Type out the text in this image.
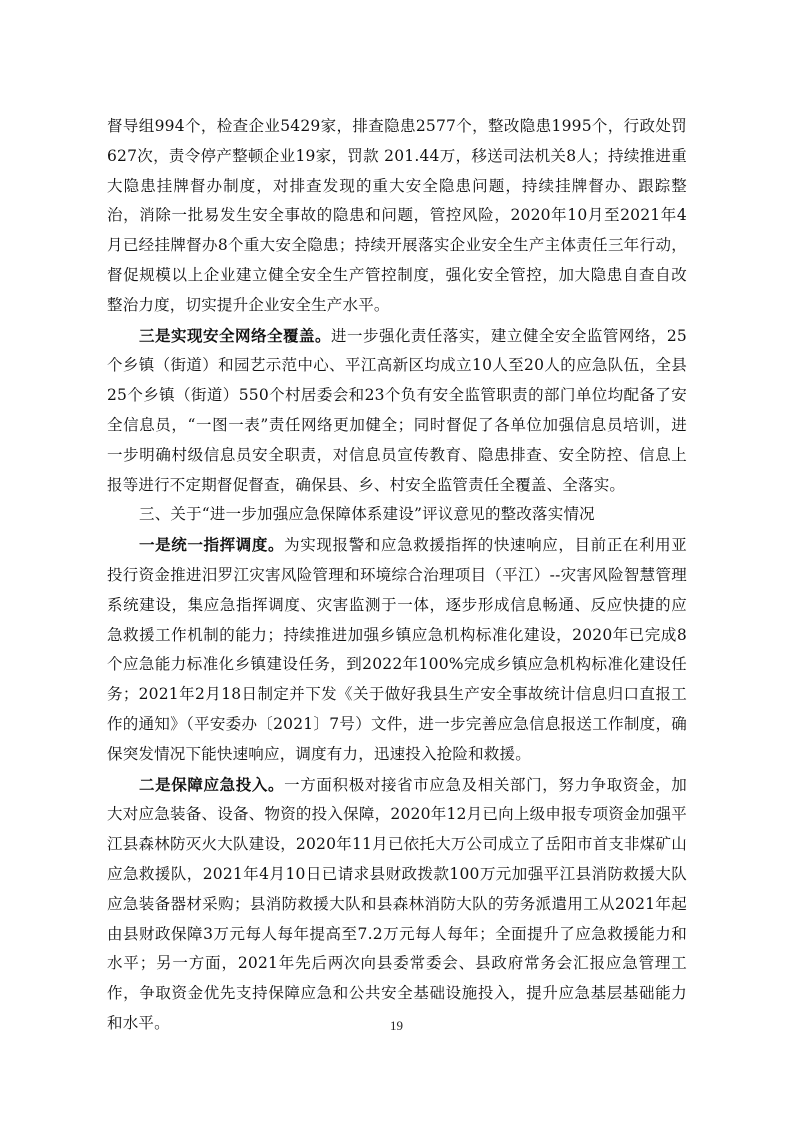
督导组994个，检查企业5429家，排查隐患2577个，整改隐患1995个，行政处罚627次，责令停产整顿企业19家，罚款 201.44万，移送司法机关8人；持续推进重大隐患挂牌督办制度，对排查发现的重大安全隐患问题，持续挂牌督办、跟踪整治，消除一批易发生安全事故的隐患和问题，管控风险，2020年10月至2021年4月已经挂牌督办8个重大安全隐患；持续开展落实企业安全生产主体责任三年行动，督促规模以上企业建立健全安全生产管控制度，强化安全管控，加大隐患自查自改整治力度，切实提升企业安全生产水平。

三是实现安全网络全覆盖。进一步强化责任落实，建立健全安全监管网络，25个乡镇（街道）和园艺示范中心、平江高新区均成立10人至20人的应急队伍，全县25个乡镇（街道）550个村居委会和23个负有安全监管职责的部门单位均配备了安全信息员，“一图一表”责任网络更加健全；同时督促了各单位加强信息员培训，进一步明确村级信息员安全职责，对信息员宣传教育、隐患排查、安全防控、信息上报等进行不定期督促督查，确保县、乡、村安全监管责任全覆盖、全落实。

三、关于“进一步加强应急保障体系建设”评议意见的整改落实情况

一是统一指挥调度。为实现报警和应急救援指挥的快速响应，目前正在利用亚投行资金推进汨罗江灾害风险管理和环境综合治理项目（平江）--灾害风险智慧管理系统建设，集应急指挥调度、灾害监测于一体，逐步形成信息畅通、反应快捷的应急救援工作机制的能力；持续推进加强乡镇应急机构标准化建设，2020年已完成8个应急能力标准化乡镇建设任务，到2022年100%完成乡镇应急机构标准化建设任务；2021年2月18日制定并下发《关于做好我县生产安全事故统计信息归口直报工作的通知》（平安委办〔2021〕7号）文件，进一步完善应急信息报送工作制度，确保突发情况下能快速响应，调度有力，迅速投入抢险和救援。

二是保障应急投入。一方面积极对接省市应急及相关部门，努力争取资金，加大对应急装备、设备、物资的投入保障，2020年12月已向上级申报专项资金加强平江县森林防灭火大队建设，2020年11月已依托大万公司成立了岳阳市首支非煤矿山应急救援队，2021年4月10日已请求县财政拨款100万元加强平江县消防救援大队应急装备器材采购；县消防救援大队和县森林消防大队的劳务派遣用工从2021年起由县财政保障3万元每人每年提高至7.2万元每人每年；全面提升了应急救援能力和水平；另一方面，2021年先后两次向县委常委会、县政府常务会汇报应急管理工作，争取资金优先支持保障应急和公共安全基础设施投入，提升应急基层基础能力和水平。	19
